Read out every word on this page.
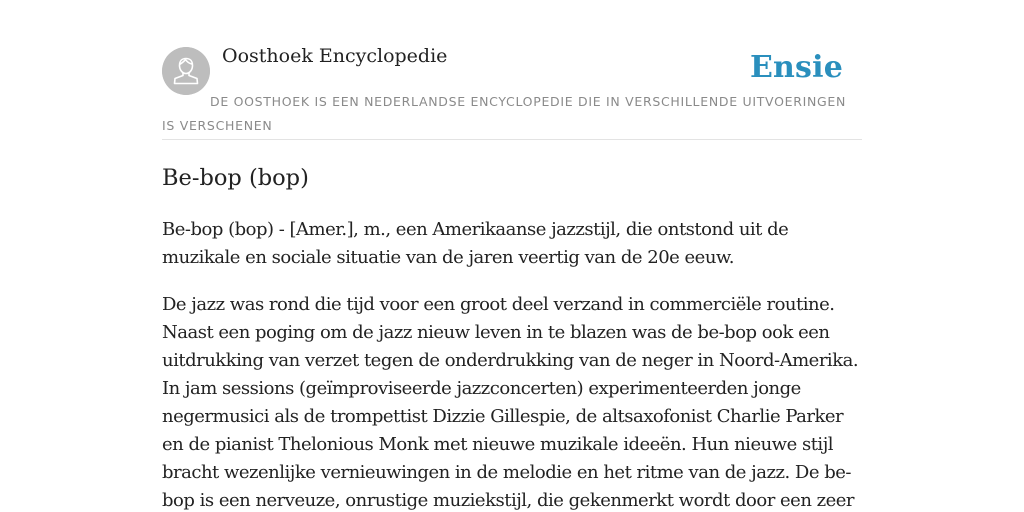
Oosthoek Encyclopedie	Ensie
DE OOSTHOEK IS EEN NEDERLANDSE ENCYCLOPEDIE DIE IN VERSCHILLENDE UITVOERINGEN IS VERSCHENEN
Be-bop (bop)

Be-bop (bop) - [Amer.], m., een Amerikaanse jazzstijl, die ontstond uit de muzikale en sociale situatie van de jaren veertig van de 20e eeuw.

De jazz was rond die tijd voor een groot deel verzand in commerciële routine. Naast een poging om de jazz nieuw leven in te blazen was de be-bop ook een uitdrukking van verzet tegen de onderdrukking van de neger in Noord-Amerika. In jam sessions (geïmproviseerde jazzconcerten) experimenteerden jonge negermusici als de trompettist Dizzie Gillespie, de altsaxofonist Charlie Parker en de pianist Thelonious Monk met nieuwe muzikale ideeën. Hun nieuwe stijl bracht wezenlijke vernieuwingen in de melodie en het ritme van de jazz. De be-bop is een nerveuze, onrustige muziekstijl, die gekenmerkt wordt door een zeer
